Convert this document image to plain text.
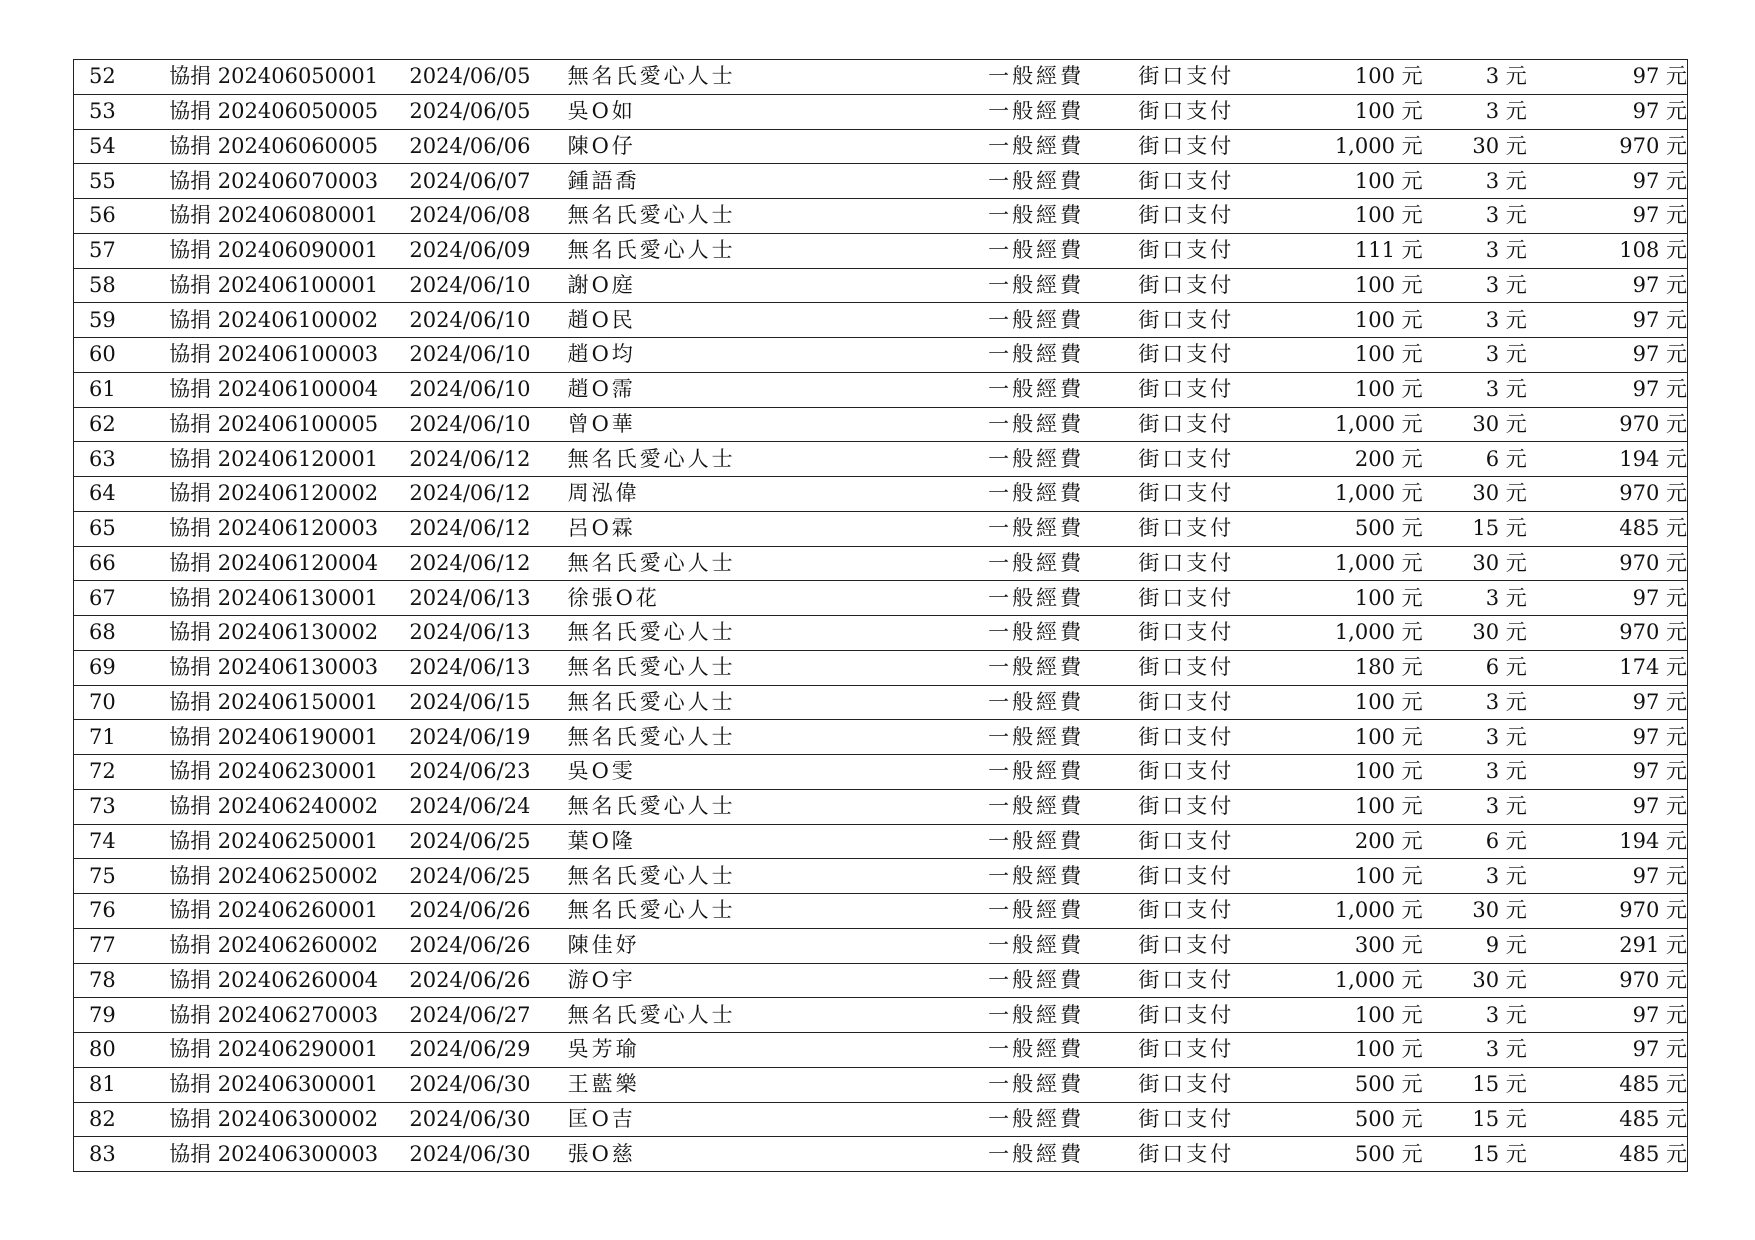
52	協捐 202406050001	2024/06/05	無名氏愛心人士	一般經費	街口支付	100 元	3 元	97 元
53	協捐 202406050005	2024/06/05	吳O如	一般經費	街口支付	100 元	3 元	97 元
54	協捐 202406060005	2024/06/06	陳O仔	一般經費	街口支付	1,000 元	30 元	970 元
55	協捐 202406070003	2024/06/07	鍾語喬	一般經費	街口支付	100 元	3 元	97 元
56	協捐 202406080001	2024/06/08	無名氏愛心人士	一般經費	街口支付	100 元	3 元	97 元
57	協捐 202406090001	2024/06/09	無名氏愛心人士	一般經費	街口支付	111 元	3 元	108 元
58	協捐 202406100001	2024/06/10	謝O庭	一般經費	街口支付	100 元	3 元	97 元
59	協捐 202406100002	2024/06/10	趙O民	一般經費	街口支付	100 元	3 元	97 元
60	協捐 202406100003	2024/06/10	趙O均	一般經費	街口支付	100 元	3 元	97 元
61	協捐 202406100004	2024/06/10	趙O霈	一般經費	街口支付	100 元	3 元	97 元
62	協捐 202406100005	2024/06/10	曾O華	一般經費	街口支付	1,000 元	30 元	970 元
63	協捐 202406120001	2024/06/12	無名氏愛心人士	一般經費	街口支付	200 元	6 元	194 元
64	協捐 202406120002	2024/06/12	周泓偉	一般經費	街口支付	1,000 元	30 元	970 元
65	協捐 202406120003	2024/06/12	呂O霖	一般經費	街口支付	500 元	15 元	485 元
66	協捐 202406120004	2024/06/12	無名氏愛心人士	一般經費	街口支付	1,000 元	30 元	970 元
67	協捐 202406130001	2024/06/13	徐張O花	一般經費	街口支付	100 元	3 元	97 元
68	協捐 202406130002	2024/06/13	無名氏愛心人士	一般經費	街口支付	1,000 元	30 元	970 元
69	協捐 202406130003	2024/06/13	無名氏愛心人士	一般經費	街口支付	180 元	6 元	174 元
70	協捐 202406150001	2024/06/15	無名氏愛心人士	一般經費	街口支付	100 元	3 元	97 元
71	協捐 202406190001	2024/06/19	無名氏愛心人士	一般經費	街口支付	100 元	3 元	97 元
72	協捐 202406230001	2024/06/23	吳O雯	一般經費	街口支付	100 元	3 元	97 元
73	協捐 202406240002	2024/06/24	無名氏愛心人士	一般經費	街口支付	100 元	3 元	97 元
74	協捐 202406250001	2024/06/25	葉O隆	一般經費	街口支付	200 元	6 元	194 元
75	協捐 202406250002	2024/06/25	無名氏愛心人士	一般經費	街口支付	100 元	3 元	97 元
76	協捐 202406260001	2024/06/26	無名氏愛心人士	一般經費	街口支付	1,000 元	30 元	970 元
77	協捐 202406260002	2024/06/26	陳佳妤	一般經費	街口支付	300 元	9 元	291 元
78	協捐 202406260004	2024/06/26	游O宇	一般經費	街口支付	1,000 元	30 元	970 元
79	協捐 202406270003	2024/06/27	無名氏愛心人士	一般經費	街口支付	100 元	3 元	97 元
80	協捐 202406290001	2024/06/29	吳芳瑜	一般經費	街口支付	100 元	3 元	97 元
81	協捐 202406300001	2024/06/30	王藍樂	一般經費	街口支付	500 元	15 元	485 元
82	協捐 202406300002	2024/06/30	匡O吉	一般經費	街口支付	500 元	15 元	485 元
83	協捐 202406300003	2024/06/30	張O慈	一般經費	街口支付	500 元	15 元	485 元
